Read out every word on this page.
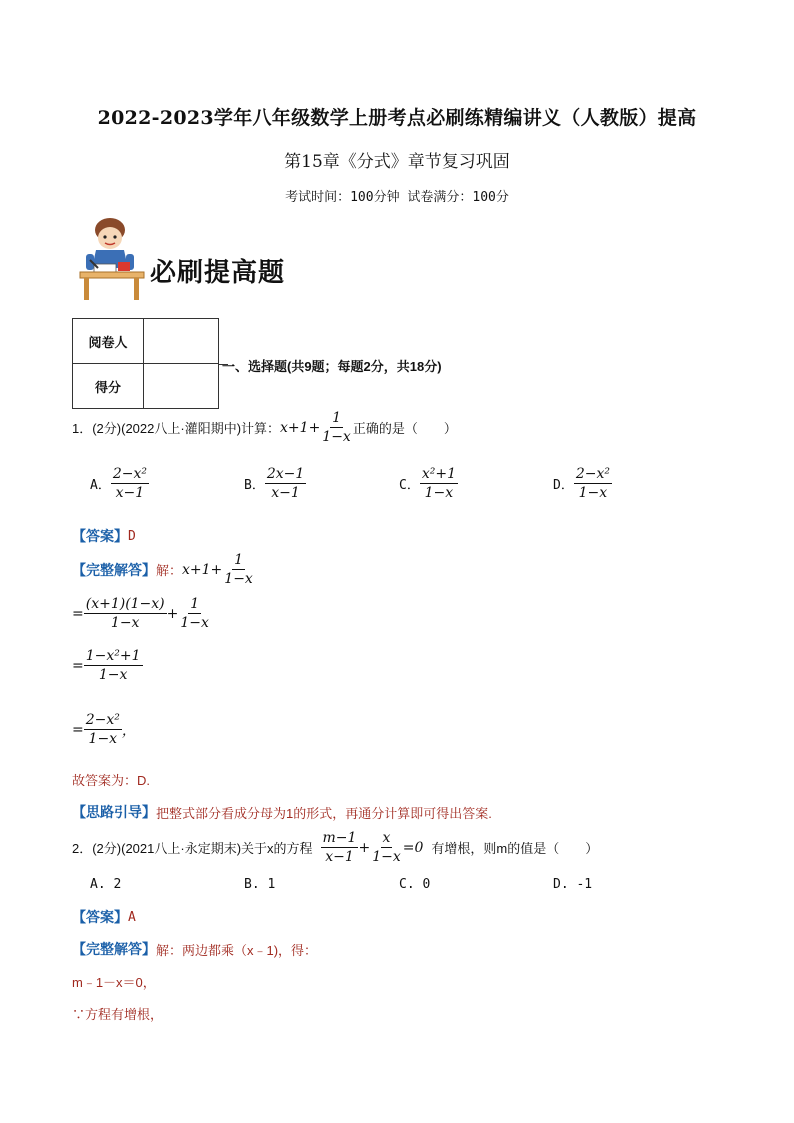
2022-2023学年八年级数学上册考点必刷练精编讲义（人教版）提高
第15章《分式》章节复习巩固
考试时间：100分钟 试卷满分：100分
必刷提高题
阅卷人	
得分	
一、选择题(共9题；每题2分，共18分)
1．(2分)(2022八上·灌阳期中)计算： $x+1+ \frac{1}{1-x}$ 正确的是（　　）
A． $\frac{\text{2−x²}}{x-1}$	B． $\frac{2x-1}{x-1}$	C． $\frac{\text{x²+1}}{1-x}$	D． $\frac{\text{2−x²}}{1-x}$
【答案】 D
【完整解答】 解： $x+1+ \frac{1}{1-x}$
= $\frac{(x+1)(1-x)}{1-x} + \frac{1}{1-x}$
= $\frac{\text{1−x²+1}}{1-x}$
= $\frac{\text{2−x²}}{1-x}$ ，
故答案为：D.
【思路引导】 把整式部分看成分母为1的形式，再通分计算即可得出答案.
2．(2分)(2021八上·永定期末)关于x的方程 $\frac{m-1}{x-1} + \frac{x}{1-x} =0$ 有增根，则m的值是（　　）
A. 2	B. 1	C. 0	D. -1
【答案】 A
【完整解答】 解：两边都乘（x﹣1)，得：
m﹣1－x＝0，
∵方程有增根，
